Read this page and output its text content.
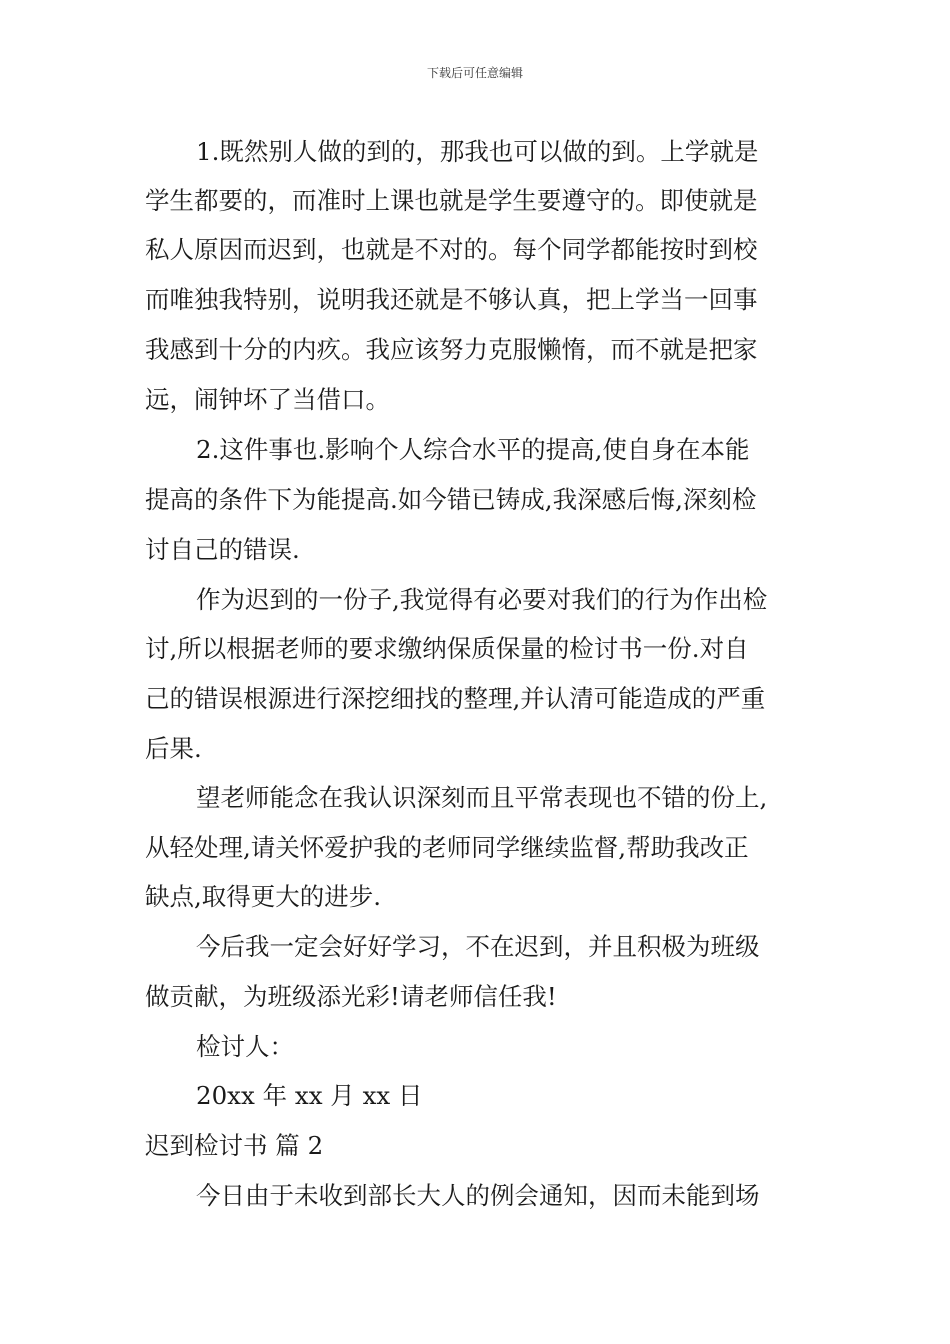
下载后可任意编辑
1.既然别人做的到的，那我也可以做的到。上学就是
学生都要的，而准时上课也就是学生要遵守的。即使就是
私人原因而迟到，也就是不对的。每个同学都能按时到校
而唯独我特别，说明我还就是不够认真，把上学当一回事
我感到十分的内疚。我应该努力克服懒惰，而不就是把家
远，闹钟坏了当借口。
2.这件事也.影响个人综合水平的提高,使自身在本能
提高的条件下为能提高.如今错已铸成,我深感后悔,深刻检
讨自己的错误.
作为迟到的一份子,我觉得有必要对我们的行为作出检
讨,所以根据老师的要求缴纳保质保量的检讨书一份.对自
己的错误根源进行深挖细找的整理,并认清可能造成的严重
后果.
望老师能念在我认识深刻而且平常表现也不错的份上,
从轻处理,请关怀爱护我的老师同学继续监督,帮助我改正
缺点,取得更大的进步.
今后我一定会好好学习，不在迟到，并且积极为班级
做贡献，为班级添光彩!请老师信任我!
检讨人：
20xx 年 xx 月 xx 日
迟到检讨书 篇 2
今日由于未收到部长大人的例会通知，因而未能到场
